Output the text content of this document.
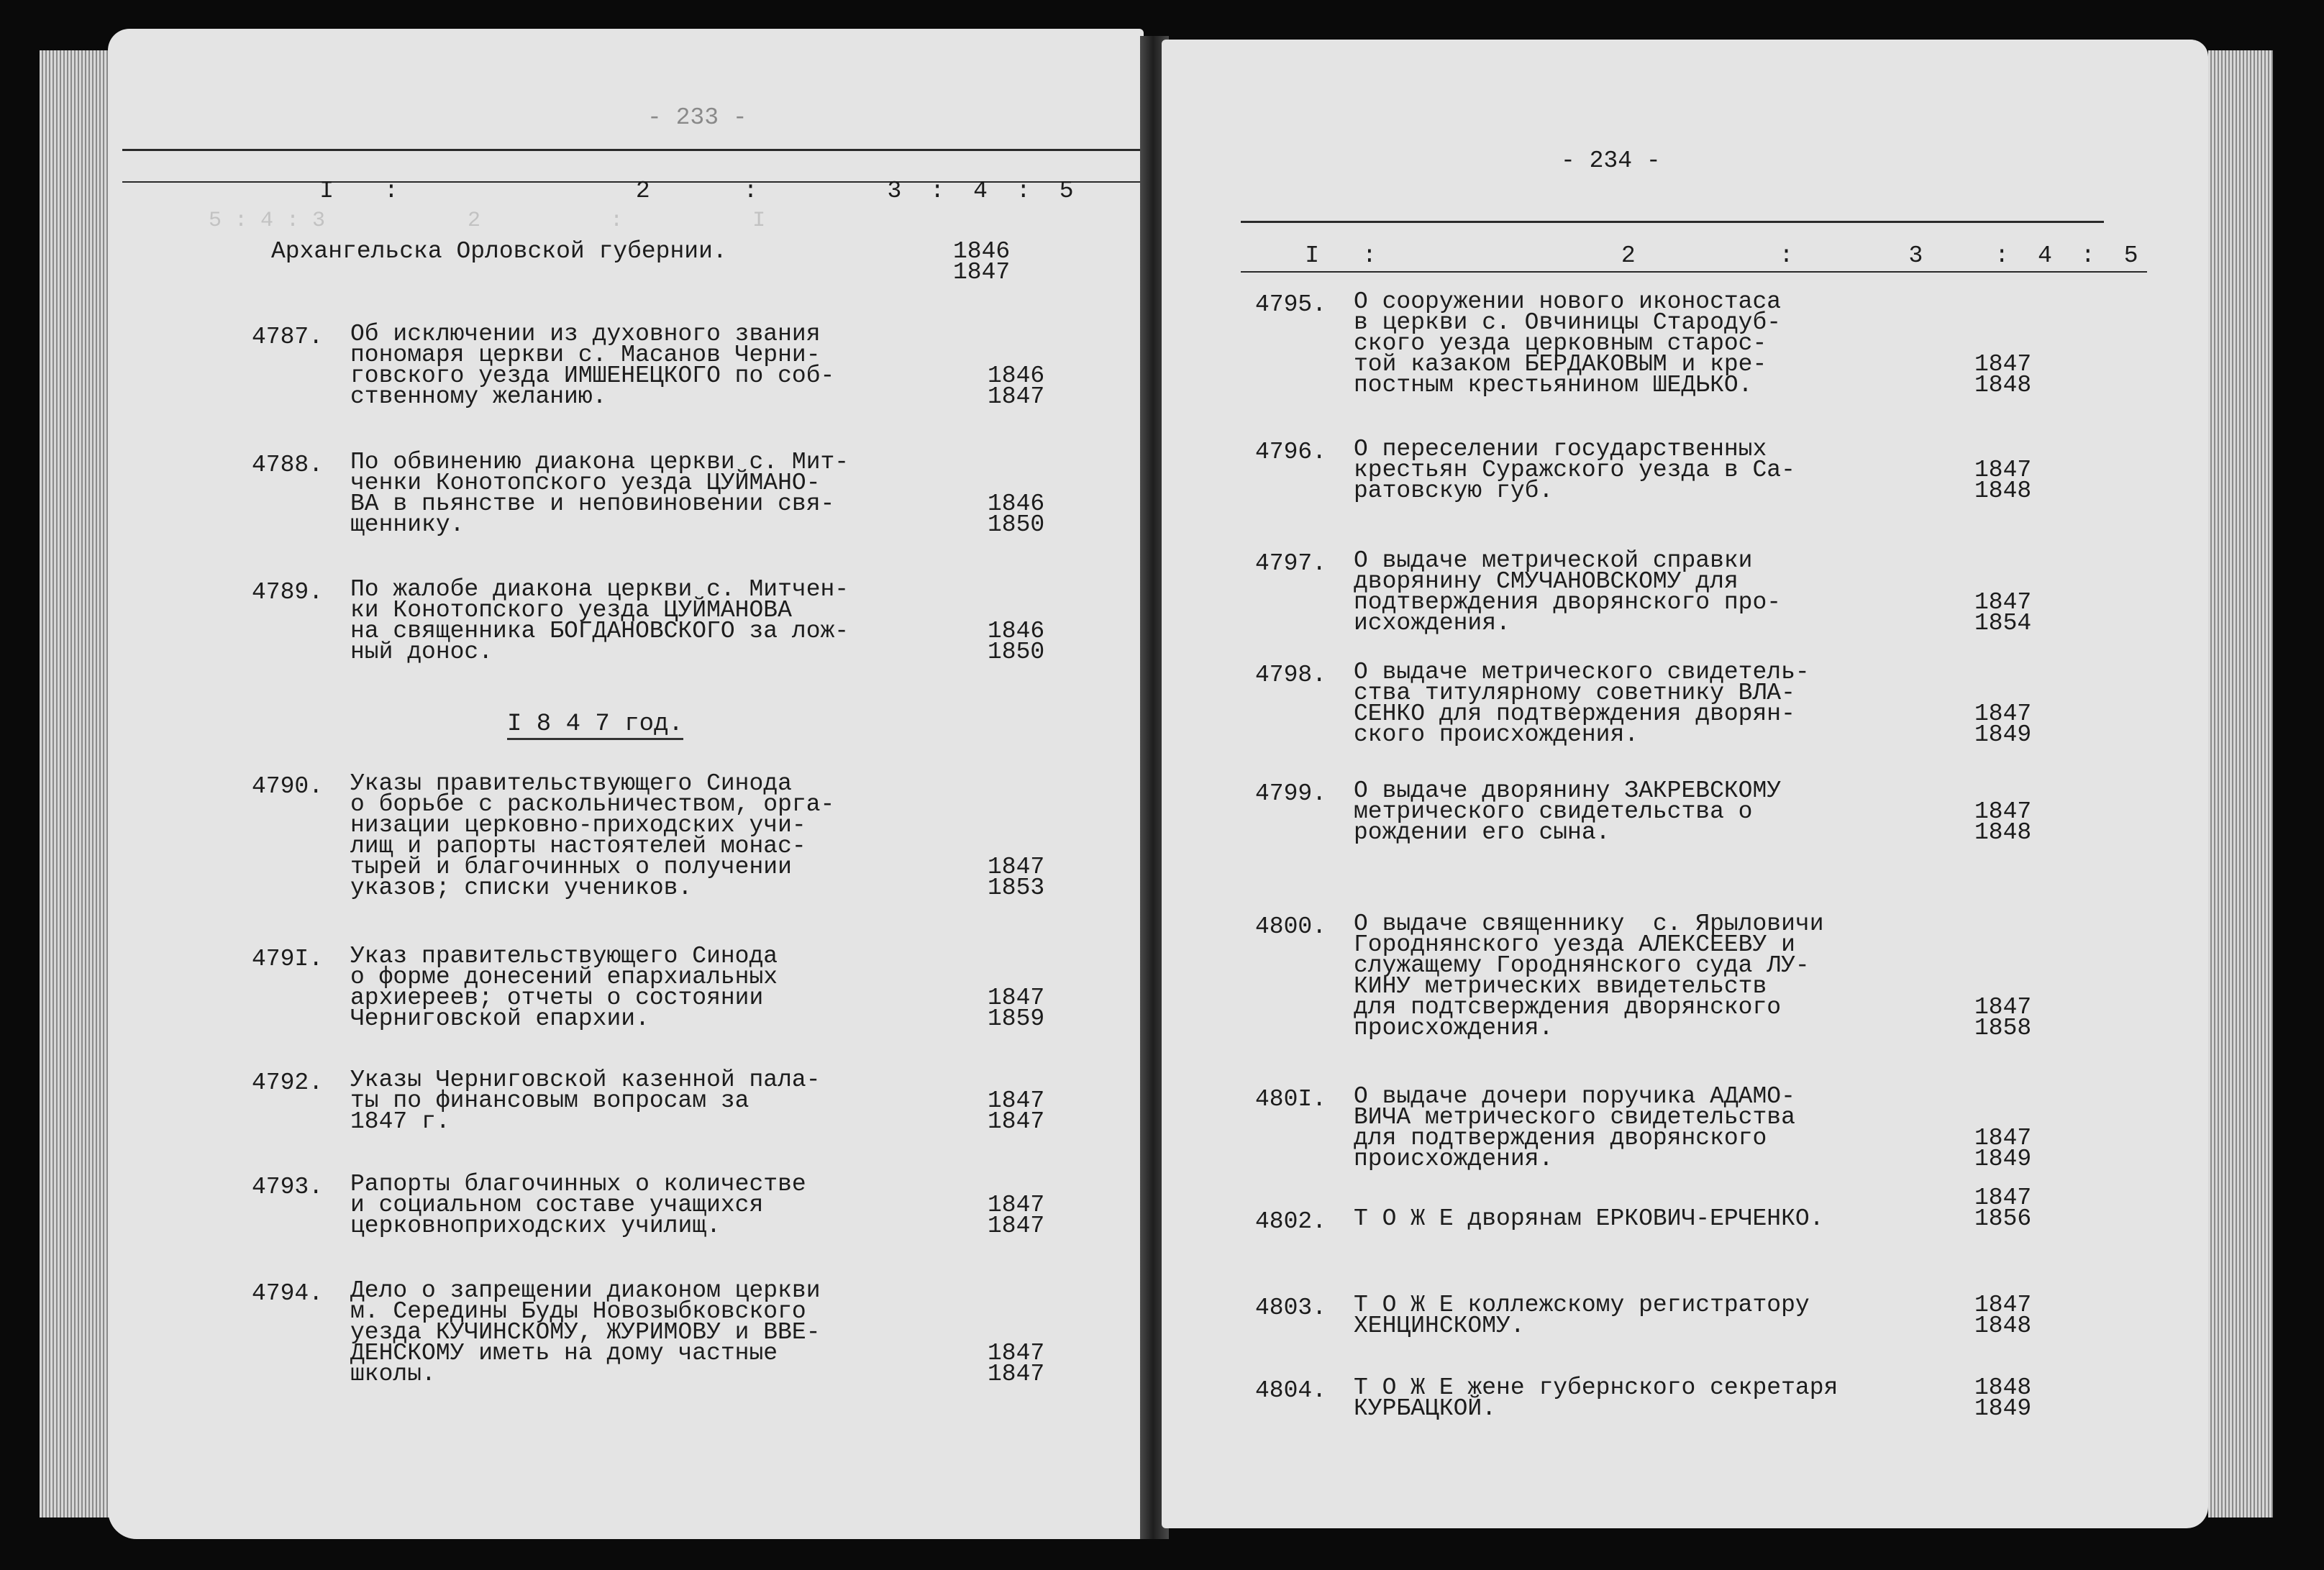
5 : 4 : 3           2          :          I
- 233 -

I :	2	:	3 : 4 : 5

Архангельска Орловской губернии.	1846
1847
4787. Об исключении из духовного звания
пономаря церкви с. Масанов Черни-
говского уезда ИМШЕНЕЦКОГО по соб-
ственному желанию.
1846
1847
4788. По обвинению диакона церкви с. Мит-
ченки Конотопского уезда ЦУЙМАНО-
ВА в пьянстве и неповиновении свя-
щеннику.
1846
1850
4789. По жалобе диакона церкви с. Митчен-
ки Конотопского уезда ЦУЙМАНОВА
на священника БОГДАНОВСКОГО за лож-
ный донос.
1846
1850
I 8 4 7 год.
4790. Указы правительствующего Синода
о борьбе с раскольничеством, орга-
низации церковно-приходских учи-
лищ и рапорты настоятелей монас-
тырей и благочинных о получении
указов; списки учеников.
1847
1853
479I. Указ правительствующего Синода
о форме донесений епархиальных
архиереев; отчеты о состоянии
Черниговской епархии.
1847
1859
4792. Указы Черниговской казенной пала-
ты по финансовым вопросам за
1847 г.
1847
1847
4793. Рапорты благочинных о количестве
и социальном составе учащихся
церковноприходских училищ.
1847
1847
4794. Дело о запрещении диаконом церкви
м. Середины Буды Новозыбковского
уезда КУЧИНСКОМУ, ЖУРИМОВУ и ВВЕ-
ДЕНСКОМУ иметь на дому частные
школы.
1847
1847
- 234 -

I :	2	:	3	: 4 : 5

4795. О сооружении нового иконостаса
в церкви с. Овчиницы Стародуб-
ского уезда церковным старос-
той казаком БЕРДАКОВЫМ и кре-
постным крестьянином ШЕДЬКО.
1847
1848
4796. О переселении государственных
крестьян Суражского уезда в Са-
ратовскую губ.
1847
1848
4797. О выдаче метрической справки
дворянину СМУЧАНОВСКОМУ для
подтверждения дворянского про-
исхождения.
1847
1854
4798. О выдаче метрического свидетель-
ства титулярному советнику ВЛА-
СЕНКО для подтверждения дворян-
ского происхождения.
1847
1849
4799. О выдаче дворянину ЗАКРЕВСКОМУ
метрического свидетельства о
рождении его сына.
1847
1848
4800. О выдаче священнику  с. Ярыловичи
Городнянского уезда АЛЕКСЕЕВУ и
служащему Городнянского суда ЛУ-
КИНУ метрических ввидетельств
для подтсверждения дворянского
происхождения.
1847
1858
480I. О выдаче дочери поручика АДАМО-
ВИЧА метрического свидетельства
для подтверждения дворянского
происхождения.
1847
1849
4802. Т О Ж Е дворянам ЕРКОВИЧ-ЕРЧЕНКО.
1847
1856
4803. Т О Ж Е коллежскому регистратору
ХЕНЦИНСКОМУ.
1847
1848
4804. Т О Ж Е жене губернского секретаря
КУРБАЦКОЙ.
1848
1849
